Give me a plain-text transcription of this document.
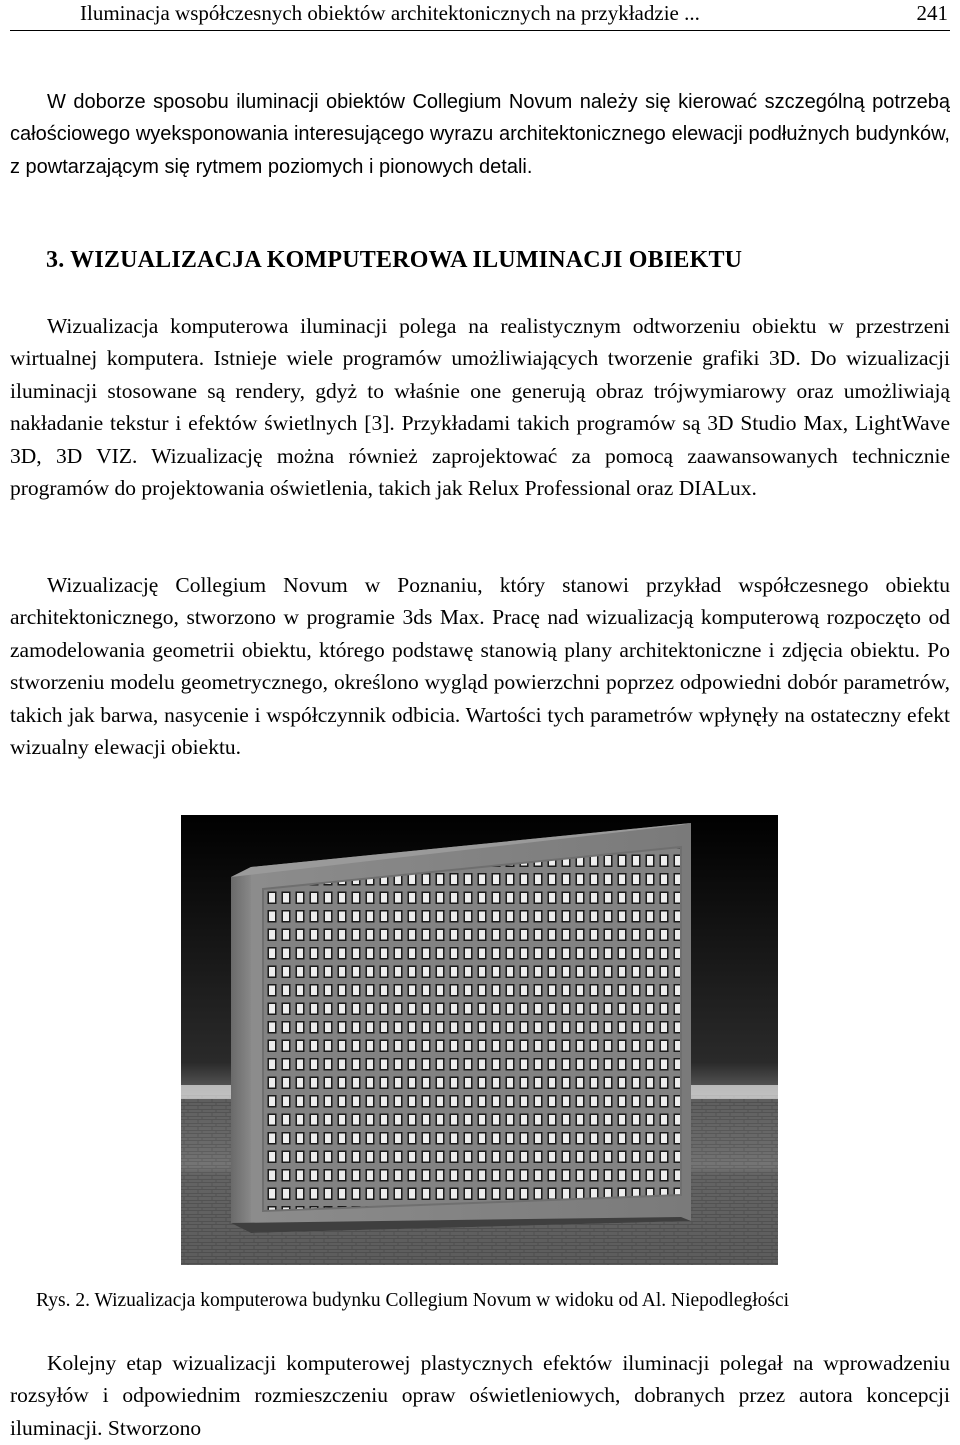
Iluminacja współczesnych obiektów architektonicznych na przykładzie ...	241

W doborze sposobu iluminacji obiektów Collegium Novum należy się kierować szczególną potrzebą całościowego wyeksponowania interesującego wyrazu architektonicznego elewacji podłużnych budynków, z powtarzającym się rytmem poziomych i pionowych detali.

3. WIZUALIZACJA KOMPUTEROWA ILUMINACJI OBIEKTU

Wizualizacja komputerowa iluminacji polega na realistycznym odtworzeniu obiektu w przestrzeni wirtualnej komputera. Istnieje wiele programów umożliwiających tworzenie grafiki 3D. Do wizualizacji iluminacji stosowane są rendery, gdyż to właśnie one generują obraz trójwymiarowy oraz umożliwiają nakładanie tekstur i efektów świetlnych [3]. Przykładami takich programów są 3D Studio Max, LightWave 3D, 3D VIZ. Wizualizację można również zaprojektować za pomocą zaawansowanych technicznie programów do projektowania oświetlenia, takich jak Relux Professional oraz DIALux.

Wizualizację Collegium Novum w Poznaniu, który stanowi przykład współczesnego obiektu architektonicznego, stworzono w programie 3ds Max. Pracę nad wizualizacją komputerową rozpoczęto od zamodelowania geometrii obiektu, którego podstawę stanowią plany architektoniczne i zdjęcia obiektu. Po stworzeniu modelu geometrycznego, określono wygląd powierzchni poprzez odpowiedni dobór parametrów, takich jak barwa, nasycenie i współczynnik odbicia. Wartości tych parametrów wpłynęły na ostateczny efekt wizualny elewacji obiektu.

Rys. 2. Wizualizacja komputerowa budynku Collegium Novum w widoku od Al. Niepodległości

Kolejny etap wizualizacji komputerowej plastycznych efektów iluminacji polegał na wprowadzeniu rozsyłów i odpowiednim rozmieszczeniu opraw oświetleniowych, dobranych przez autora koncepcji iluminacji. Stworzono
